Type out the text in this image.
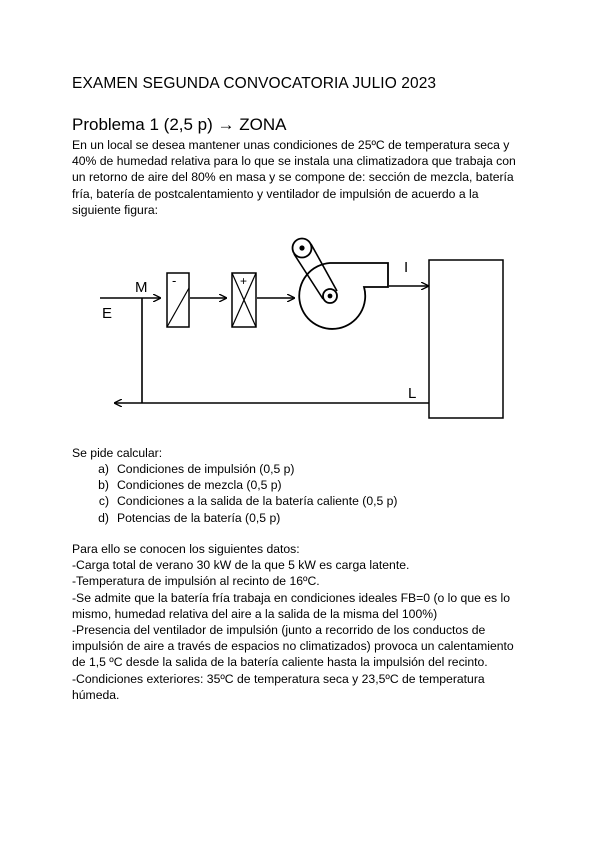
EXAMEN SEGUNDA CONVOCATORIA JULIO 2023
Problema 1 (2,5 p) → ZONA
En un local se desea mantener unas condiciones de 25ºC de temperatura seca y
40% de humedad relativa para lo que se instala una climatizadora que trabaja con
un retorno de aire del 80% en masa y se compone de: sección de mezcla, batería
fría, batería de postcalentamiento y ventilador de impulsión de acuerdo a la
siguiente figura:
E
M -	+
I
L
Se pide calcular:
a) Condiciones de impulsión (0,5 p)
b) Condiciones de mezcla (0,5 p)
c) Condiciones a la salida de la batería caliente (0,5 p)
d) Potencias de la batería (0,5 p)
Para ello se conocen los siguientes datos:
-Carga total de verano 30 kW de la que 5 kW es carga latente.
-Temperatura de impulsión al recinto de 16ºC.
-Se admite que la batería fría trabaja en condiciones ideales FB=0 (o lo que es lo
mismo, humedad relativa del aire a la salida de la misma del 100%)
-Presencia del ventilador de impulsión (junto a recorrido de los conductos de
impulsión de aire a través de espacios no climatizados) provoca un calentamiento
de 1,5 ºC desde la salida de la batería caliente hasta la impulsión del recinto.
-Condiciones exteriores: 35ºC de temperatura seca y 23,5ºC de temperatura
húmeda.
